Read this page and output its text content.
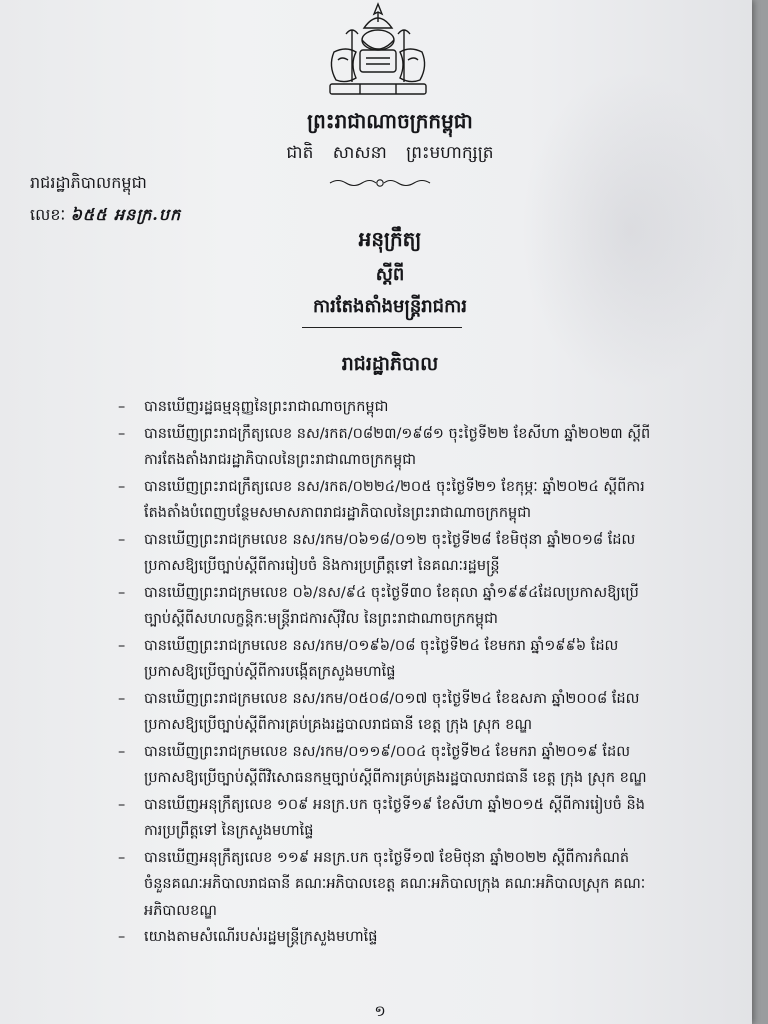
ព្រះរាជាណាចក្រកម្ពុជា
ជាតិ សាសនា ព្រះមហាក្សត្រ
រាជរដ្ឋាភិបាលកម្ពុជា
លេខៈ ៦៥៥ អនក្រ.បក
អនុក្រឹត្យ
ស្តីពី
ការតែងតាំងមន្ត្រីរាជការ
រាជរដ្ឋាភិបាល
– បានឃើញរដ្ឋធម្មនុញ្ញនៃព្រះរាជាណាចក្រកម្ពុជា
– បានឃើញព្រះរាជក្រឹត្យលេខ នស/រកត/០៨២៣/១៩៨១ ចុះថ្ងៃទី២២ ខែសីហា ឆ្នាំ២០២៣ ស្តីពីការតែងតាំងរាជរដ្ឋាភិបាលនៃព្រះរាជាណាចក្រកម្ពុជា
– បានឃើញព្រះរាជក្រឹត្យលេខ នស/រកត/០២២៤/២០៥ ចុះថ្ងៃទី២១ ខែកុម្ភៈ ឆ្នាំ២០២៤ ស្តីពីការតែងតាំងបំពេញបន្ថែមសមាសភាពរាជរដ្ឋាភិបាលនៃព្រះរាជាណាចក្រកម្ពុជា
– បានឃើញព្រះរាជក្រមលេខ នស/រកម/០៦១៨/០១២ ចុះថ្ងៃទី២៨ ខែមិថុនា ឆ្នាំ២០១៨ ដែលប្រកាសឱ្យប្រើច្បាប់ស្តីពីការរៀបចំ និងការប្រព្រឹត្តទៅ នៃគណៈរដ្ឋមន្ត្រី
– បានឃើញព្រះរាជក្រមលេខ ០៦/នស/៩៤ ចុះថ្ងៃទី៣០ ខែតុលា ឆ្នាំ១៩៩៤ដែលប្រកាសឱ្យប្រើច្បាប់ស្តីពីសហលក្ខន្តិកៈមន្ត្រីរាជការស៊ីវិល នៃព្រះរាជាណាចក្រកម្ពុជា
– បានឃើញព្រះរាជក្រមលេខ នស/រកម/០១៩៦/០៨ ចុះថ្ងៃទី២៤ ខែមករា ឆ្នាំ១៩៩៦ ដែលប្រកាសឱ្យប្រើច្បាប់ស្តីពីការបង្កើតក្រសួងមហាផ្ទៃ
– បានឃើញព្រះរាជក្រមលេខ នស/រកម/០៥០៨/០១៧ ចុះថ្ងៃទី២៤ ខែឧសភា ឆ្នាំ២០០៨ ដែលប្រកាសឱ្យប្រើច្បាប់ស្តីពីការគ្រប់គ្រងរដ្ឋបាលរាជធានី ខេត្ត ក្រុង ស្រុក ខណ្ឌ
– បានឃើញព្រះរាជក្រមលេខ នស/រកម/០១១៩/០០៤ ចុះថ្ងៃទី២៤ ខែមករា ឆ្នាំ២០១៩ ដែលប្រកាសឱ្យប្រើច្បាប់ស្តីពីវិសោធនកម្មច្បាប់ស្តីពីការគ្រប់គ្រងរដ្ឋបាលរាជធានី ខេត្ត ក្រុង ស្រុក ខណ្ឌ
– បានឃើញអនុក្រឹត្យលេខ ១០៩ អនក្រ.បក ចុះថ្ងៃទី១៩ ខែសីហា ឆ្នាំ២០១៥ ស្តីពីការរៀបចំ និងការប្រព្រឹត្តទៅ នៃក្រសួងមហាផ្ទៃ
– បានឃើញអនុក្រឹត្យលេខ ១១៩ អនក្រ.បក ចុះថ្ងៃទី១៧ ខែមិថុនា ឆ្នាំ២០២២ ស្តីពីការកំណត់ចំនួនគណៈអភិបាលរាជធានី គណៈអភិបាលខេត្ត គណៈអភិបាលក្រុង គណៈអភិបាលស្រុក គណៈអភិបាលខណ្ឌ
– យោងតាមសំណើរបស់រដ្ឋមន្ត្រីក្រសួងមហាផ្ទៃ
១
